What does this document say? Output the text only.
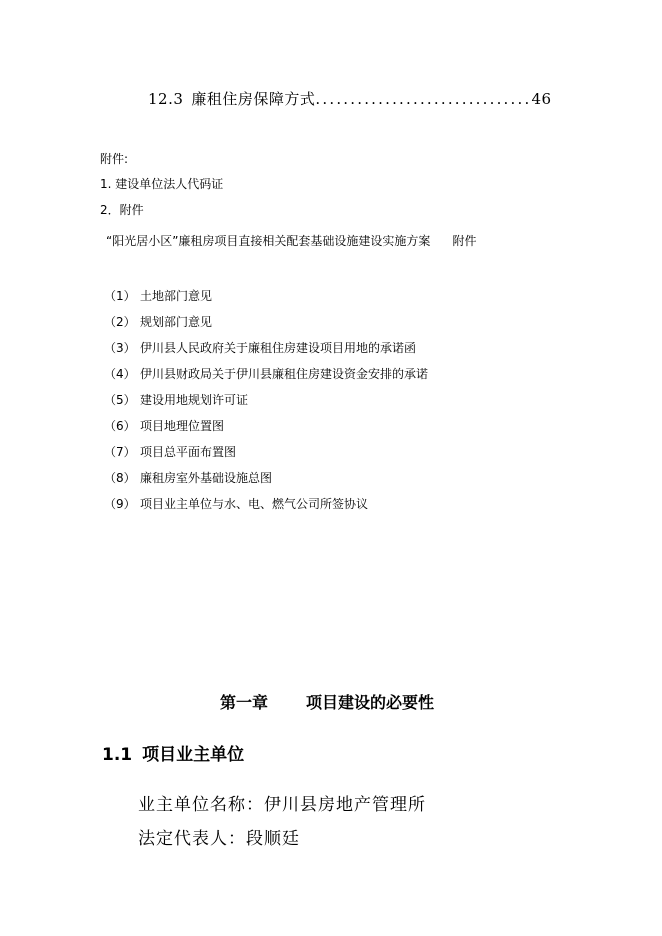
12.3 廉租住房保障方式...............................46
附件:
1. 建设单位法人代码证
2．附件
“阳光居小区”廉租房项目直接相关配套基础设施建设实施方案 附件
（1） 土地部门意见
（2） 规划部门意见
（3） 伊川县人民政府关于廉租住房建设项目用地的承诺函
（4） 伊川县财政局关于伊川县廉租住房建设资金安排的承诺
（5） 建设用地规划许可证
（6） 项目地理位置图
（7） 项目总平面布置图
（8） 廉租房室外基础设施总图
（9） 项目业主单位与水、电、燃气公司所签协议
第一章 项目建设的必要性
1.1 项目业主单位
业主单位名称：伊川县房地产管理所
法定代表人：段顺廷
